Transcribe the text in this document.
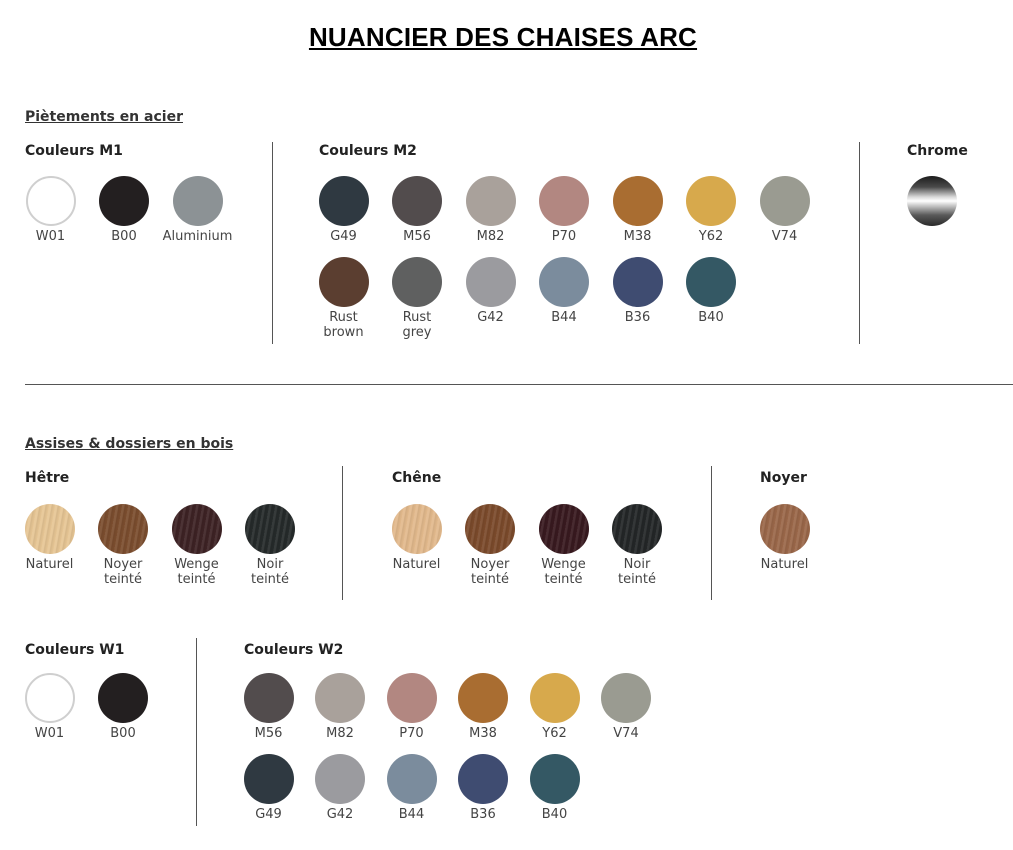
NUANCIER DES CHAISES ARC
Piètements en acier
Couleurs M1	Couleurs M2	Chrome
W01	B00	Aluminium	G49	M56	M82	P70	M38	Y62	V74
Rust
brown
Rust
grey
G42	B44	B36	B40
Assises & dossiers en bois
Hêtre	Chêne	Noyer
Naturel	Noyer
teinté
Wenge
teinté
Noir
teinté
Naturel	Noyer
teinté
Wenge
teinté
Noir
teinté
Naturel
Couleurs W1	Couleurs W2
W01	B00	M56	M82	P70	M38	Y62	V74
G49	G42	B44	B36	B40
